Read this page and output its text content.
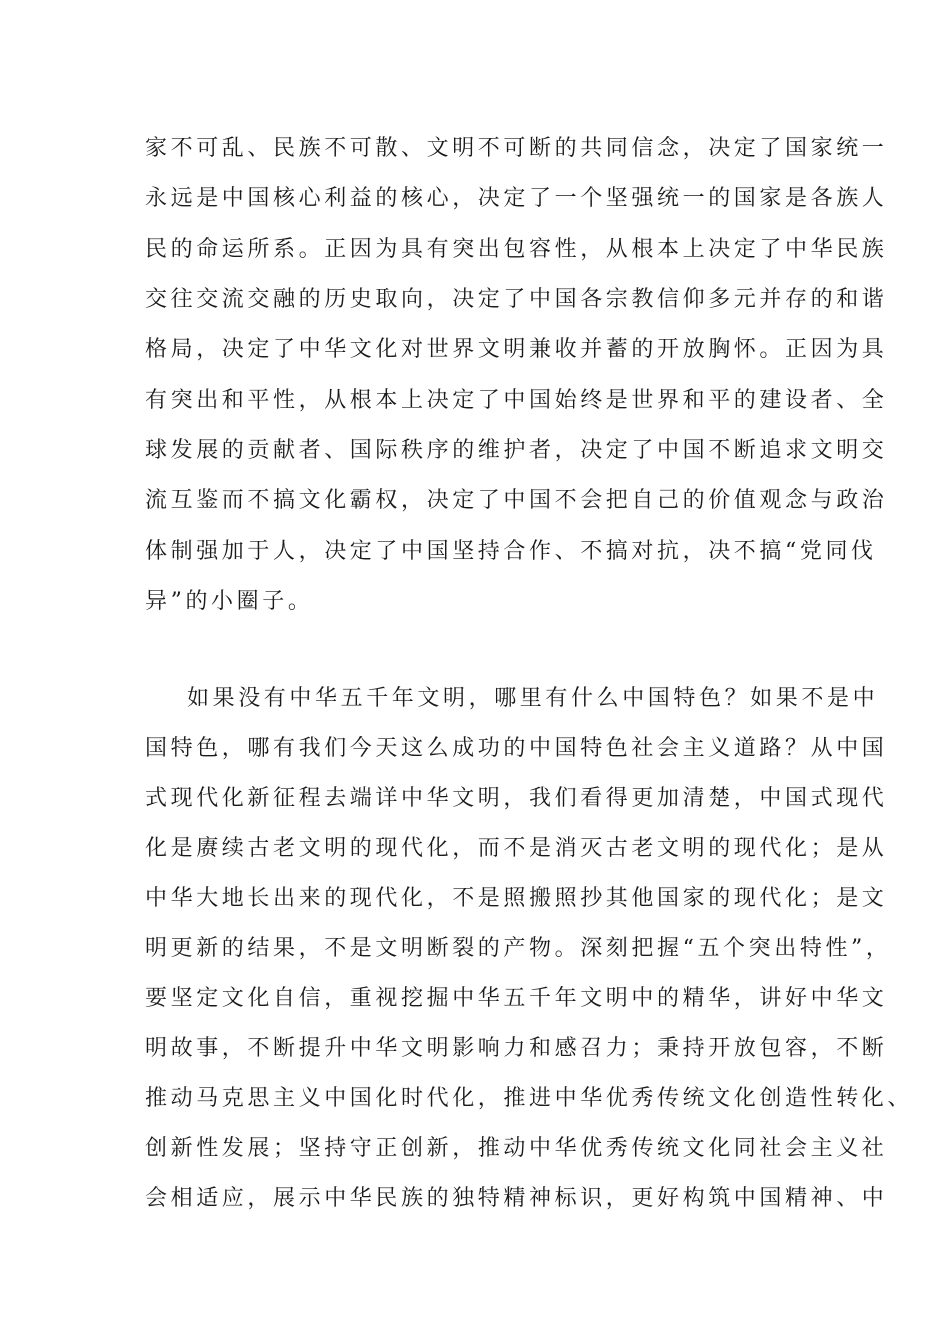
家不可乱、民族不可散、文明不可断的共同信念，决定了国家统一
永远是中国核心利益的核心，决定了一个坚强统一的国家是各族人
民的命运所系。正因为具有突出包容性，从根本上决定了中华民族
交往交流交融的历史取向，决定了中国各宗教信仰多元并存的和谐
格局，决定了中华文化对世界文明兼收并蓄的开放胸怀。正因为具
有突出和平性，从根本上决定了中国始终是世界和平的建设者、全
球发展的贡献者、国际秩序的维护者，决定了中国不断追求文明交
流互鉴而不搞文化霸权，决定了中国不会把自己的价值观念与政治
体制强加于人，决定了中国坚持合作、不搞对抗，决不搞“党同伐
异”的小圈子。
如果没有中华五千年文明，哪里有什么中国特色？如果不是中
国特色，哪有我们今天这么成功的中国特色社会主义道路？从中国
式现代化新征程去端详中华文明，我们看得更加清楚，中国式现代
化是赓续古老文明的现代化，而不是消灭古老文明的现代化；是从
中华大地长出来的现代化，不是照搬照抄其他国家的现代化；是文
明更新的结果，不是文明断裂的产物。深刻把握“五个突出特性”，
要坚定文化自信，重视挖掘中华五千年文明中的精华，讲好中华文
明故事，不断提升中华文明影响力和感召力；秉持开放包容，不断
推动马克思主义中国化时代化，推进中华优秀传统文化创造性转化、
创新性发展；坚持守正创新，推动中华优秀传统文化同社会主义社
会相适应，展示中华民族的独特精神标识，更好构筑中国精神、中
